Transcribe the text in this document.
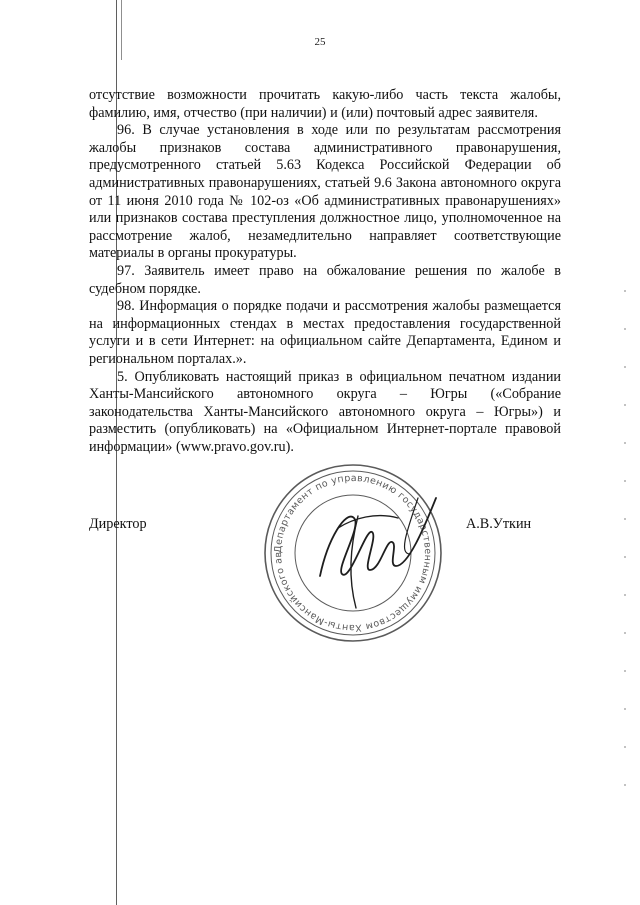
25

отсутствие возможности прочитать какую-либо часть текста жалобы, фамилию, имя, отчество (при наличии) и (или) почтовый адрес заявителя.

96. В случае установления в ходе или по результатам рассмотрения жалобы признаков состава административного правонарушения, предусмотренного статьей 5.63 Кодекса Российской Федерации об административных правонарушениях, статьей 9.6 Закона автономного округа от 11 июня 2010 года № 102-оз «Об административных правонарушениях» или признаков состава преступления должностное лицо, уполномоченное на рассмотрение жалоб, незамедлительно направляет соответствующие материалы в органы прокуратуры.

97. Заявитель имеет право на обжалование решения по жалобе в судебном порядке.

98. Информация о порядке подачи и рассмотрения жалобы размещается на информационных стендах в местах предоставления государственной услуги и в сети Интернет: на официальном сайте Департамента, Едином и региональном порталах.».

5. Опубликовать настоящий приказ в официальном печатном издании Ханты-Мансийского автономного округа – Югры («Собрание законодательства Ханты-Мансийского автономного округа – Югры») и разместить (опубликовать) на «Официальном Интернет-портале правовой информации» (www.pravo.gov.ru).

Департамент по управлению государственным имуществом Ханты-Мансийского ав
Директор	А.В.Уткин
